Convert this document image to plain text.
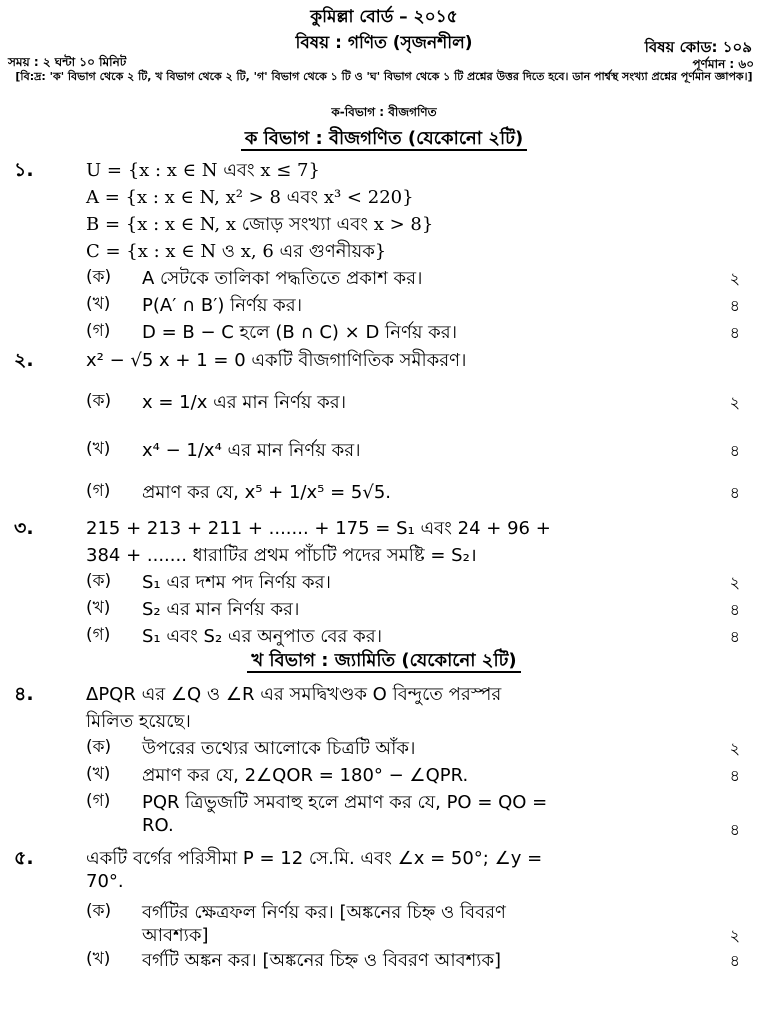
কুমিল্লা বোর্ড – ২০১৫
বিষয় : গণিত (সৃজনশীল)	বিষয় কোড: ১০৯
সময় : ২ ঘন্টা ১০ মিনিট	পূর্ণমান : ৬০
[বি:দ্র: 'ক' বিভাগ থেকে ২ টি, খ বিভাগ থেকে ২ টি, 'গ' বিভাগ থেকে ১ টি ও 'ঘ' বিভাগ থেকে ১ টি প্রশ্নের উত্তর দিতে হবে। ডান পার্শ্বস্থ সংখ্যা প্রশ্নের পূর্ণমান জ্ঞাপক।]
ক-বিভাগ : বীজগণিত
ক বিভাগ : বীজগণিত (যেকোনো ২টি)
১.	U = {x : x ∈ N এবং x ≤ 7}
A = {x : x ∈ N, x² > 8 এবং x³ < 220}
B = {x : x ∈ N, x জোড় সংখ্যা এবং x > 8}
C = {x : x ∈ N ও x, 6 এর গুণনীয়ক}
(ক) A সেটকে তালিকা পদ্ধতিতে প্রকাশ কর।	২
(খ) P(A′ ∩ B′) নির্ণয় কর।	৪
(গ) D = B − C হলে (B ∩ C) × D নির্ণয় কর।	৪
২.	x² − √5 x + 1 = 0 একটি বীজগাণিতিক সমীকরণ।
(ক) x = 1/x এর মান নির্ণয় কর।	২
(খ) x⁴ − 1/x⁴ এর মান নির্ণয় কর।	৪
(গ) প্রমাণ কর যে, x⁵ + 1/x⁵ = 5√5.	৪
৩.	215 + 213 + 211 + ....... + 175 = S₁ এবং 24 + 96 +
384 + ....... ধারাটির প্রথম পাঁচটি পদের সমষ্টি = S₂।
(ক) S₁ এর দশম পদ নির্ণয় কর।	২
(খ) S₂ এর মান নির্ণয় কর।	৪
(গ) S₁ এবং S₂ এর অনুপাত বের কর।	৪
খ বিভাগ : জ্যামিতি (যেকোনো ২টি)
৪.	ΔPQR এর ∠Q ও ∠R এর সমদ্বিখণ্ডক O বিন্দুতে পরস্পর
মিলিত হয়েছে।
(ক) উপরের তথ্যের আলোকে চিত্রটি আঁক।	২
(খ) প্রমাণ কর যে, 2∠QOR = 180° − ∠QPR.	৪
(গ) PQR ত্রিভুজটি সমবাহু হলে প্রমাণ কর যে, PO = QO =
RO.	৪
৫.	একটি বর্গের পরিসীমা P = 12 সে.মি. এবং ∠x = 50°; ∠y =
70°.
(ক) বর্গটির ক্ষেত্রফল নির্ণয় কর। [অঙ্কনের চিহ্ন ও বিবরণ
আবশ্যক]	২
(খ) বর্গটি অঙ্কন কর। [অঙ্কনের চিহ্ন ও বিবরণ আবশ্যক]	৪
